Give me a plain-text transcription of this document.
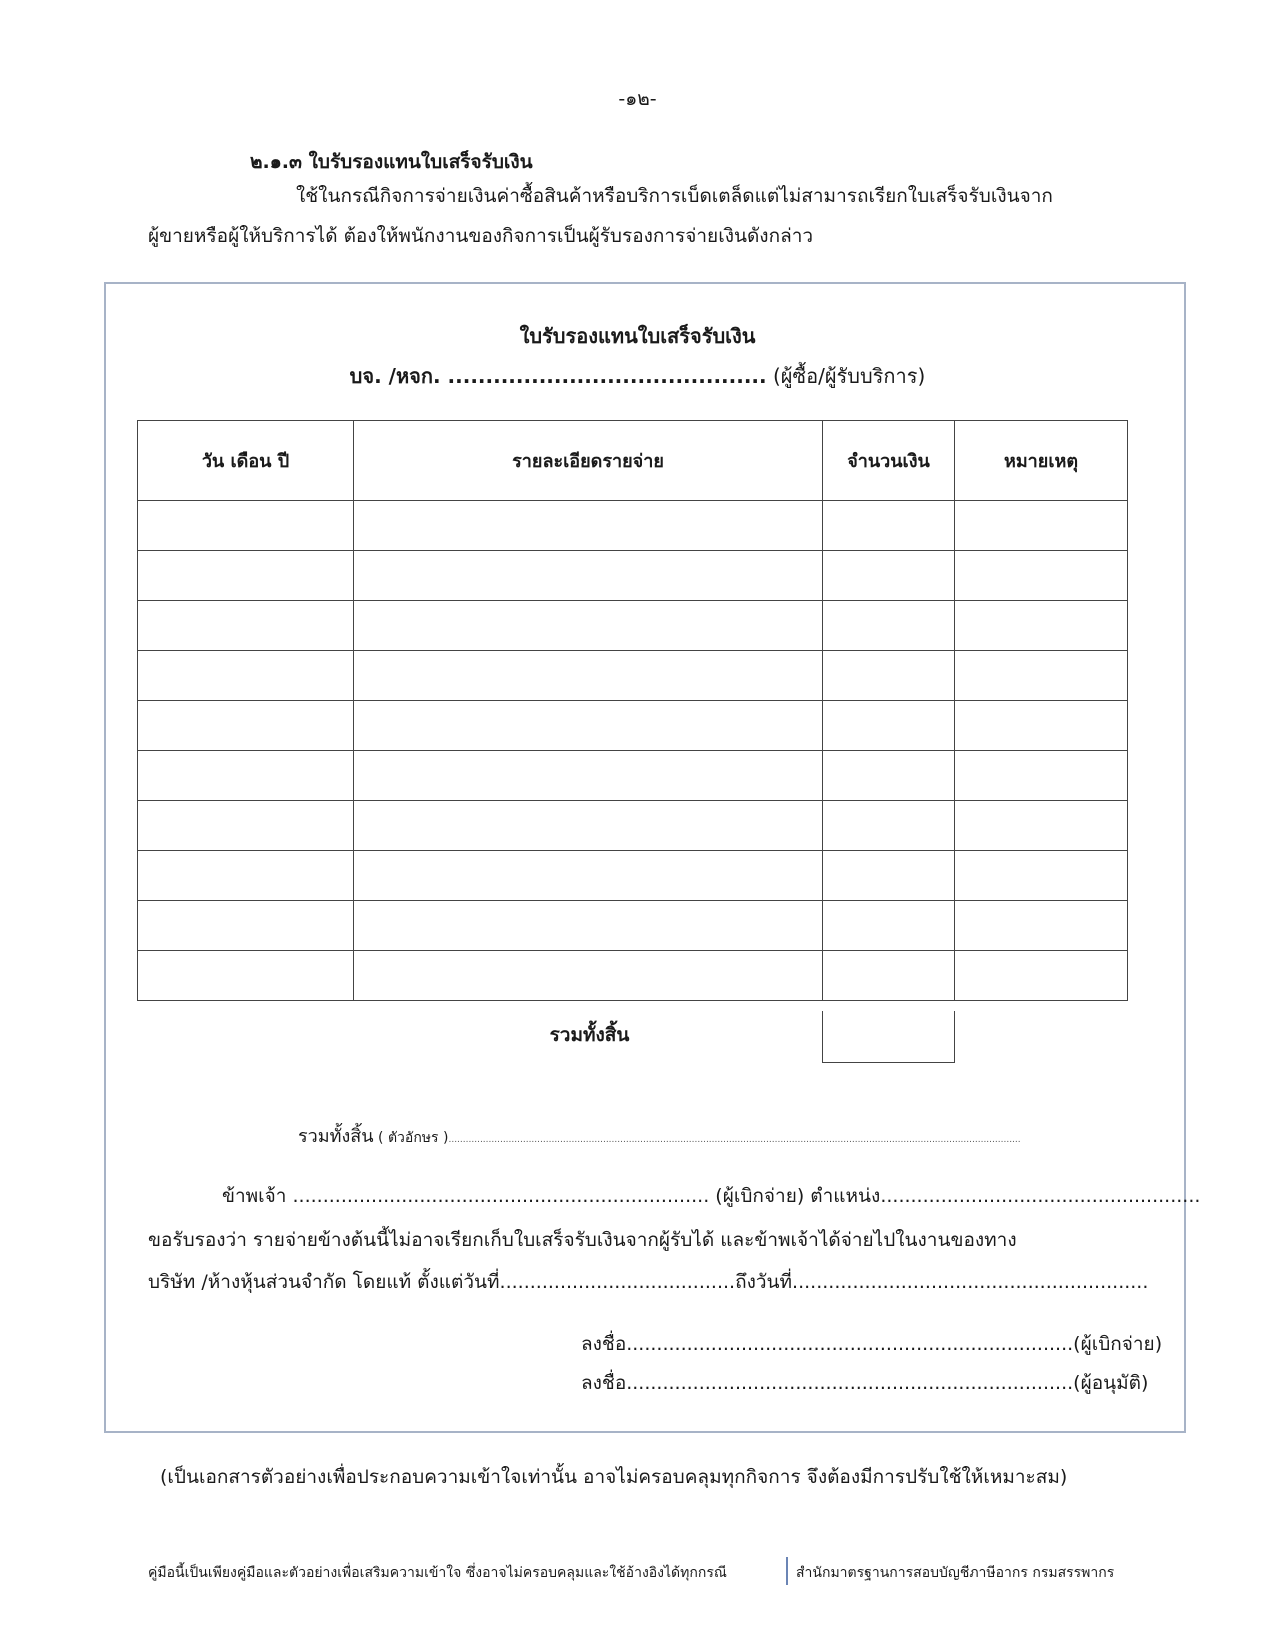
-๑๒-
๒.๑.๓ ใบรับรองแทนใบเสร็จรับเงิน
ใช้ในกรณีกิจการจ่ายเงินค่าซื้อสินค้าหรือบริการเบ็ดเตล็ดแต่ไม่สามารถเรียกใบเสร็จรับเงินจาก
ผู้ขายหรือผู้ให้บริการได้ ต้องให้พนักงานของกิจการเป็นผู้รับรองการจ่ายเงินดังกล่าว
ใบรับรองแทนใบเสร็จรับเงิน
บจ. /หจก. .......................................... (ผู้ซื้อ/ผู้รับบริการ)
วัน เดือน ปี	รายละเอียดรายจ่าย	จำนวนเงิน	หมายเหตุ

รวมทั้งสิ้น
รวมทั้งสิ้น ( ตัวอักษร )........................................................................................................................................................................................................
ข้าพเจ้า ..................................................................... (ผู้เบิกจ่าย) ตำแหน่ง.....................................................
ขอรับรองว่า รายจ่ายข้างต้นนี้ไม่อาจเรียกเก็บใบเสร็จรับเงินจากผู้รับได้ และข้าพเจ้าได้จ่ายไปในงานของทาง
บริษัท /ห้างหุ้นส่วนจำกัด โดยแท้ ตั้งแต่วันที่.......................................ถึงวันที่...........................................................
ลงชื่อ..........................................................................(ผู้เบิกจ่าย)
ลงชื่อ..........................................................................(ผู้อนุมัติ)
(เป็นเอกสารตัวอย่างเพื่อประกอบความเข้าใจเท่านั้น อาจไม่ครอบคลุมทุกกิจการ จึงต้องมีการปรับใช้ให้เหมาะสม)
คู่มือนี้เป็นเพียงคู่มือและตัวอย่างเพื่อเสริมความเข้าใจ ซึ่งอาจไม่ครอบคลุมและใช้อ้างอิงได้ทุกกรณี	สำนักมาตรฐานการสอบบัญชีภาษีอากร กรมสรรพากร
